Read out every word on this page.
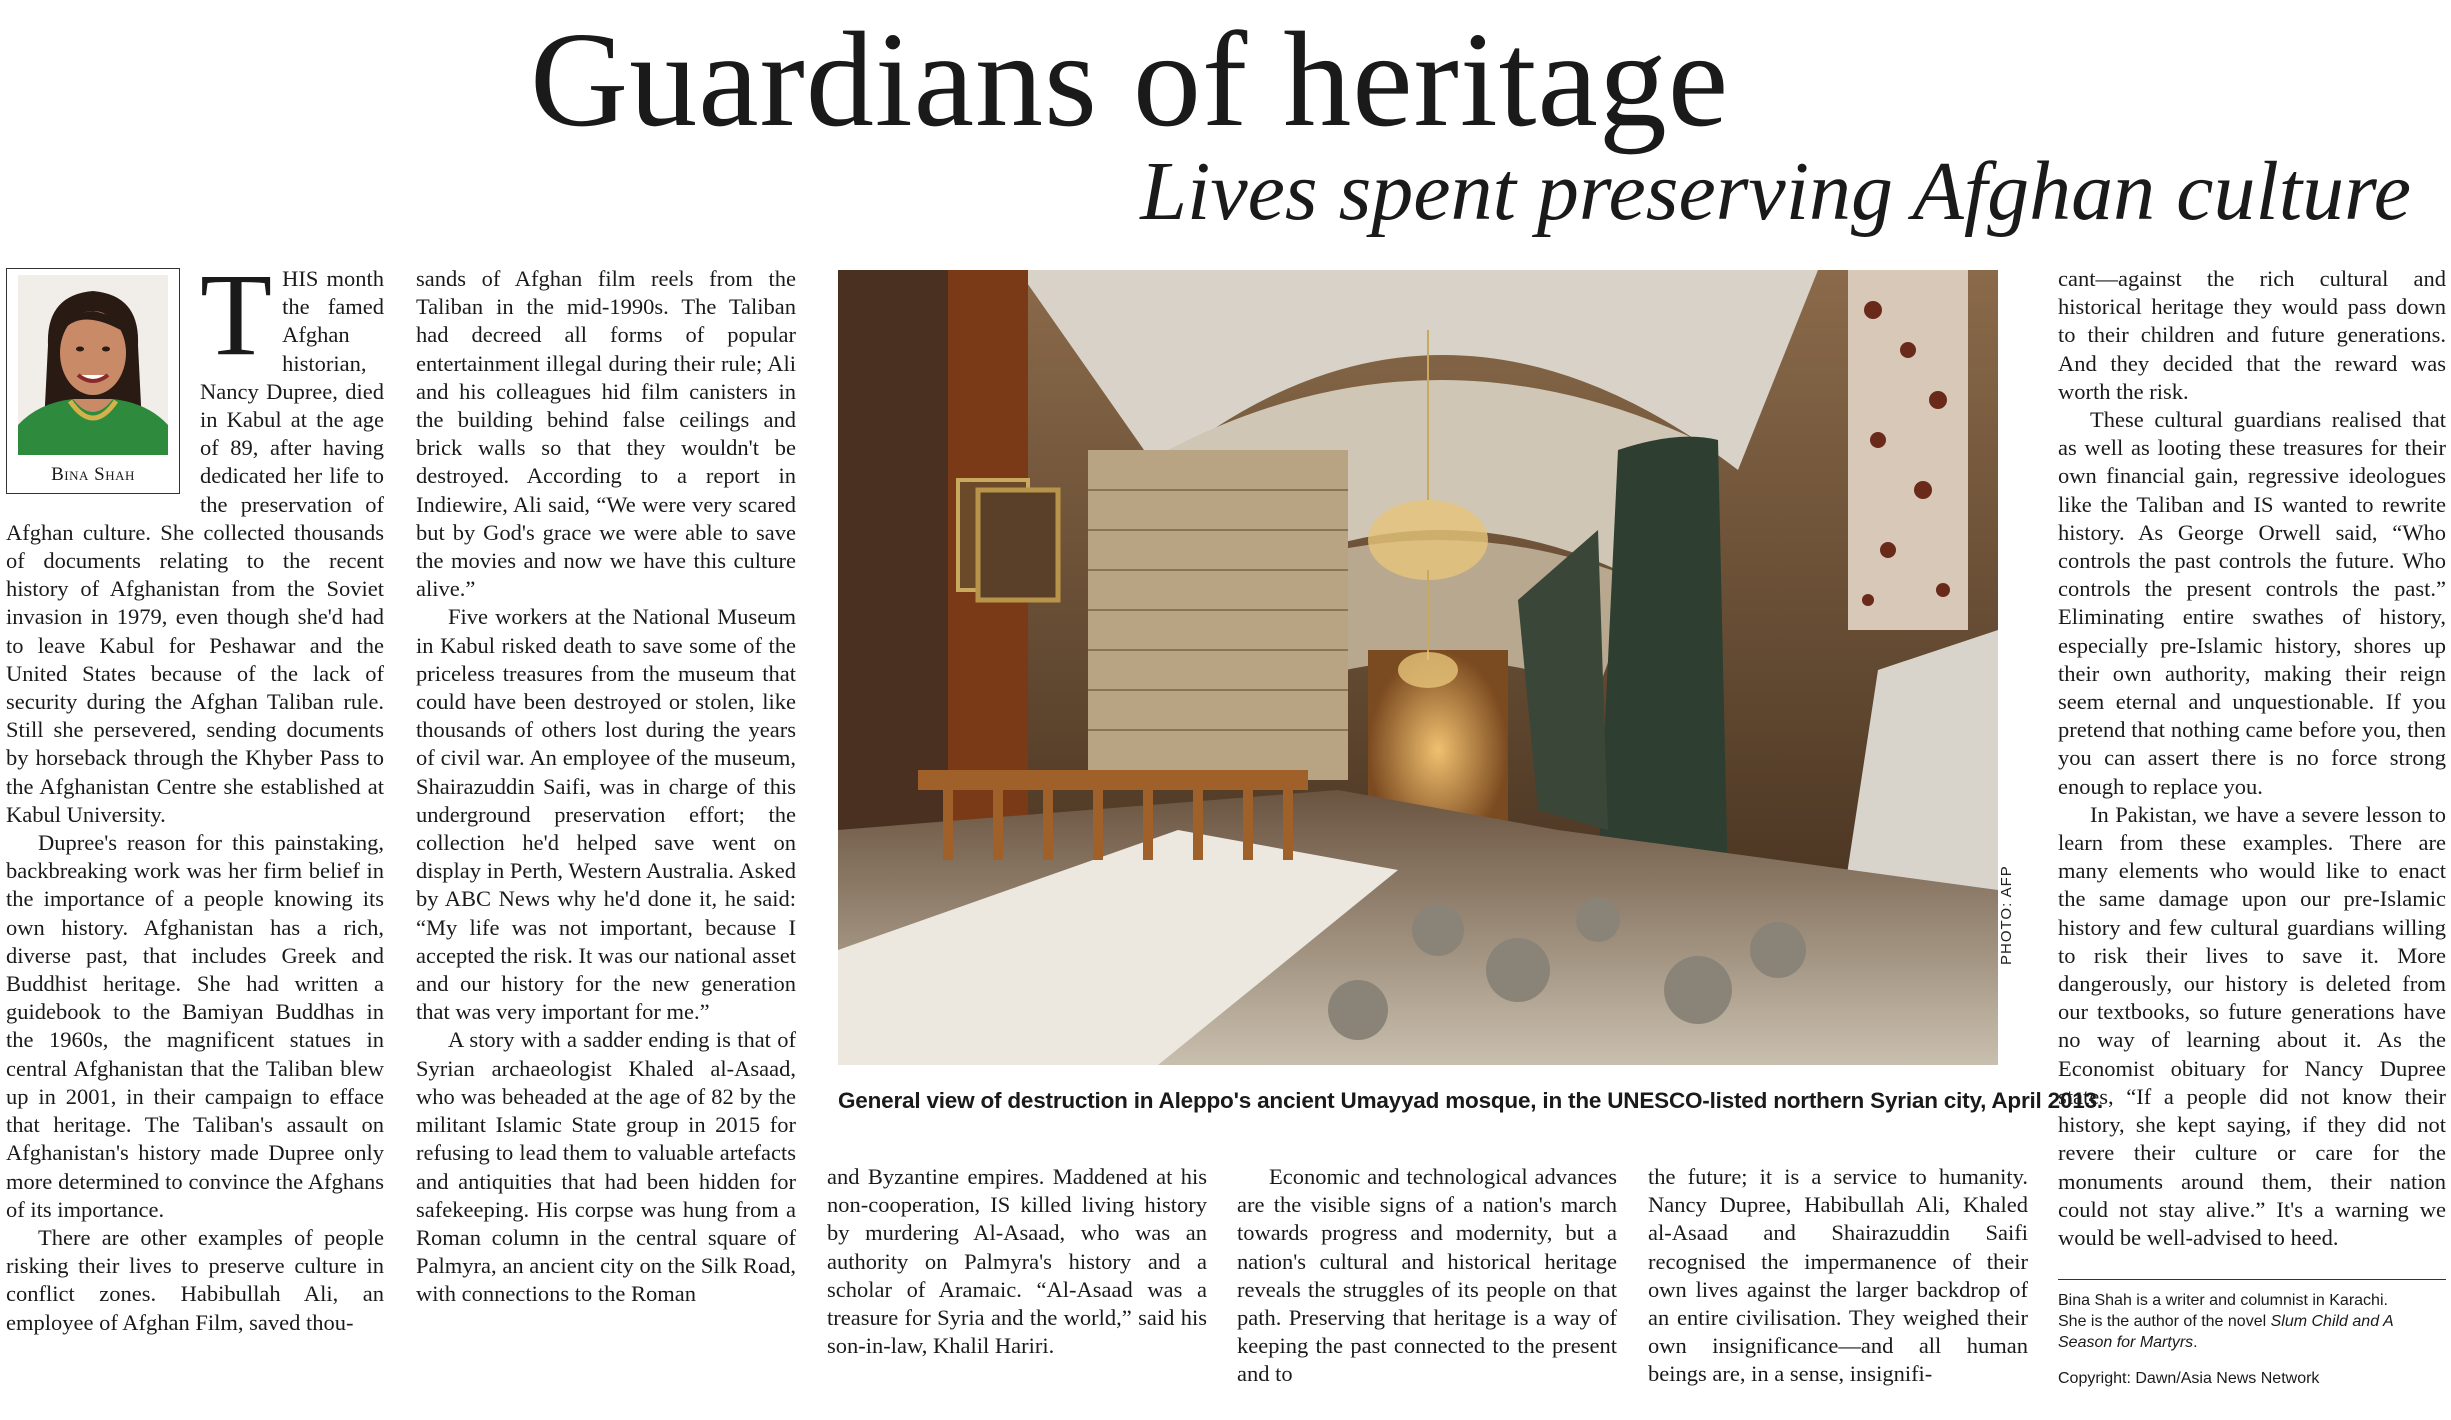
Guardians of heritage
Lives spent preserving Afghan culture
Bina Shah
T HIS month the famed Afghan historian, Nancy Dupree, died in Kabul at the age of 89, after having dedicated her life to the preservation of Afghan culture. She collected thousands of documents relating to the recent history of Afghanistan from the Soviet invasion in 1979, even though she'd had to leave Kabul for Peshawar and the United States because of the lack of security during the Afghan Taliban rule. Still she persevered, sending documents by horseback through the Khyber Pass to the Afghanistan Centre she established at Kabul University.

Dupree's reason for this painstaking, backbreaking work was her firm belief in the importance of a people knowing its own history. Afghanistan has a rich, diverse past, that includes Greek and Buddhist heritage. She had written a guidebook to the Bamiyan Buddhas in the 1960s, the magnificent statues in central Afghanistan that the Taliban blew up in 2001, in their campaign to efface that heritage. The Taliban's assault on Afghanistan's history made Dupree only more determined to convince the Afghans of its importance.

There are other examples of people risking their lives to preserve culture in conflict zones. Habibullah Ali, an employee of Afghan Film, saved thou-

sands of Afghan film reels from the Taliban in the mid-1990s. The Taliban had decreed all forms of popular entertainment illegal during their rule; Ali and his colleagues hid film canisters in the building behind false ceilings and brick walls so that they wouldn't be destroyed. According to a report in Indiewire, Ali said, “We were very scared but by God's grace we were able to save the movies and now we have this culture alive.”

Five workers at the National Museum in Kabul risked death to save some of the priceless treasures from the museum that could have been destroyed or stolen, like thousands of others lost during the years of civil war. An employee of the museum, Shairazuddin Saifi, was in charge of this underground preservation effort; the collection he'd helped save went on display in Perth, Western Australia. Asked by ABC News why he'd done it, he said: “My life was not important, because I accepted the risk. It was our national asset and our history for the new generation that was very important for me.”

A story with a sadder ending is that of Syrian archaeologist Khaled al-Asaad, who was beheaded at the age of 82 by the militant Islamic State group in 2015 for refusing to lead them to valuable artefacts and antiquities that had been hidden for safekeeping. His corpse was hung from a Roman column in the central square of Palmyra, an ancient city on the Silk Road, with connections to the Roman

PHOTO: AFP
General view of destruction in Aleppo's ancient Umayyad mosque, in the UNESCO-listed northern Syrian city, April 2013.

and Byzantine empires. Maddened at his non-cooperation, IS killed living history by murdering Al-Asaad, who was an authority on Palmyra's history and a scholar of Aramaic. “Al-Asaad was a treasure for Syria and the world,” said his son-in-law, Khalil Hariri.

Economic and technological advances are the visible signs of a nation's march towards progress and modernity, but a nation's cultural and historical heritage reveals the struggles of its people on that path. Preserving that heritage is a way of keeping the past connected to the present and to

the future; it is a service to humanity. Nancy Dupree, Habibullah Ali, Khaled al-Asaad and Shairazuddin Saifi recognised the impermanence of their own lives against the larger backdrop of an entire civilisation. They weighed their own insignificance—and all human beings are, in a sense, insignifi-

cant—against the rich cultural and historical heritage they would pass down to their children and future generations. And they decided that the reward was worth the risk.

These cultural guardians realised that as well as looting these treasures for their own financial gain, regressive ideologues like the Taliban and IS wanted to rewrite history. As George Orwell said, “Who controls the past controls the future. Who controls the present controls the past.” Eliminating entire swathes of history, especially pre-Islamic history, shores up their own authority, making their reign seem eternal and unquestionable. If you pretend that nothing came before you, then you can assert there is no force strong enough to replace you.

In Pakistan, we have a severe lesson to learn from these examples. There are many elements who would like to enact the same damage upon our pre-Islamic history and few cultural guardians willing to risk their lives to save it. More dangerously, our history is deleted from our textbooks, so future generations have no way of learning about it. As the Economist obituary for Nancy Dupree states, “If a people did not know their history, she kept saying, if they did not revere their culture or care for the monuments around them, their nation could not stay alive.” It's a warning we would be well-advised to heed.

Bina Shah is a writer and columnist in Karachi.
She is the author of the novel Slum Child and A Season for Martyrs.
Copyright: Dawn/Asia News Network
